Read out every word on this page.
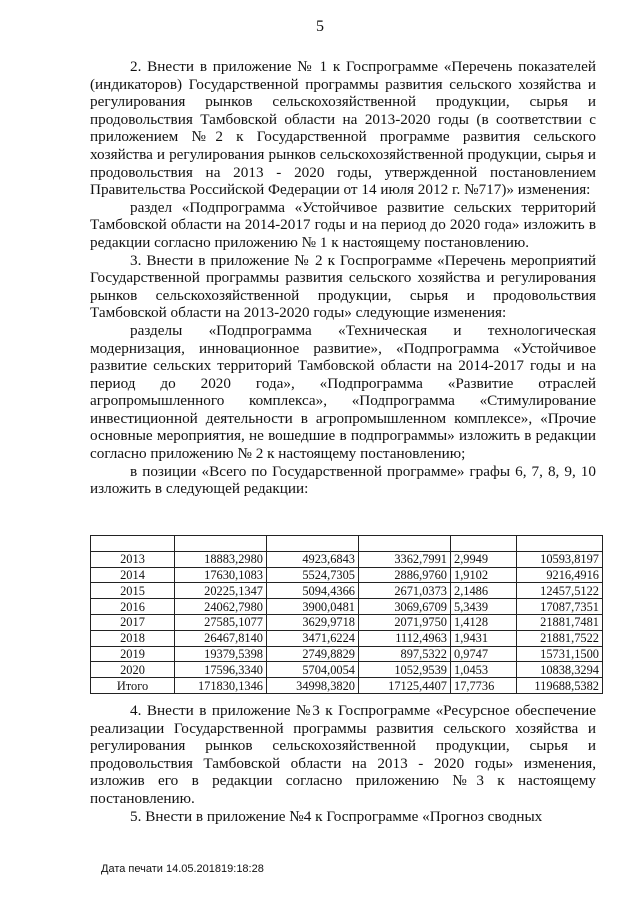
5

2. Внести в приложение № 1 к Госпрограмме «Перечень показателей (индикаторов) Государственной программы развития сельского хозяйства и регулирования рынков сельскохозяйственной продукции, сырья и продовольствия Тамбовской области на 2013-2020 годы (в соответствии с приложением №2 к Государственной программе развития сельского хозяйства и регулирования рынков сельскохозяйственной продукции, сырья и продовольствия на 2013 - 2020 годы, утвержденной постановлением Правительства Российской Федерации от 14 июля 2012 г. №717)» изменения:

раздел «Подпрограмма «Устойчивое развитие сельских территорий Тамбовской области на 2014-2017 годы и на период до 2020 года» изложить в редакции согласно приложению № 1 к настоящему постановлению.

3. Внести в приложение № 2 к Госпрограмме «Перечень мероприятий Государственной программы развития сельского хозяйства и регулирования рынков сельскохозяйственной продукции, сырья и продовольствия Тамбовской области на 2013-2020 годы» следующие изменения:

разделы «Подпрограмма «Техническая и технологическая модернизация, инновационное развитие», «Подпрограмма «Устойчивое развитие сельских территорий Тамбовской области на 2014-2017 годы и на период до 2020 года», «Подпрограмма «Развитие отраслей агропромышленного комплекса», «Подпрограмма «Стимулирование инвестиционной деятельности в агропромышленном комплексе», «Прочие основные мероприятия, не вошедшие в подпрограммы» изложить в редакции согласно приложению № 2 к настоящему постановлению;

в позиции «Всего по Государственной программе» графы 6, 7, 8, 9, 10 изложить в следующей редакции:

2013	18883,2980	4923,6843	3362,7991	2,9949	10593,8197
2014	17630,1083	5524,7305	2886,9760	1,9102	9216,4916
2015	20225,1347	5094,4366	2671,0373	2,1486	12457,5122
2016	24062,7980	3900,0481	3069,6709	5,3439	17087,7351
2017	27585,1077	3629,9718	2071,9750	1,4128	21881,7481
2018	26467,8140	3471,6224	1112,4963	1,9431	21881,7522
2019	19379,5398	2749,8829	897,5322	0,9747	15731,1500
2020	17596,3340	5704,0054	1052,9539	1,0453	10838,3294
Итого	171830,1346	34998,3820	17125,4407	17,7736	119688,5382

4. Внести в приложение №3 к Госпрограмме «Ресурсное обеспечение реализации Государственной программы развития сельского хозяйства и регулирования рынков сельскохозяйственной продукции, сырья и продовольствия Тамбовской области на 2013 - 2020 годы» изменения, изложив его в редакции согласно приложению №3 к настоящему постановлению.

5. Внести в приложение №4 к Госпрограмме «Прогноз сводных

Дата печати 14.05.201819:18:28
